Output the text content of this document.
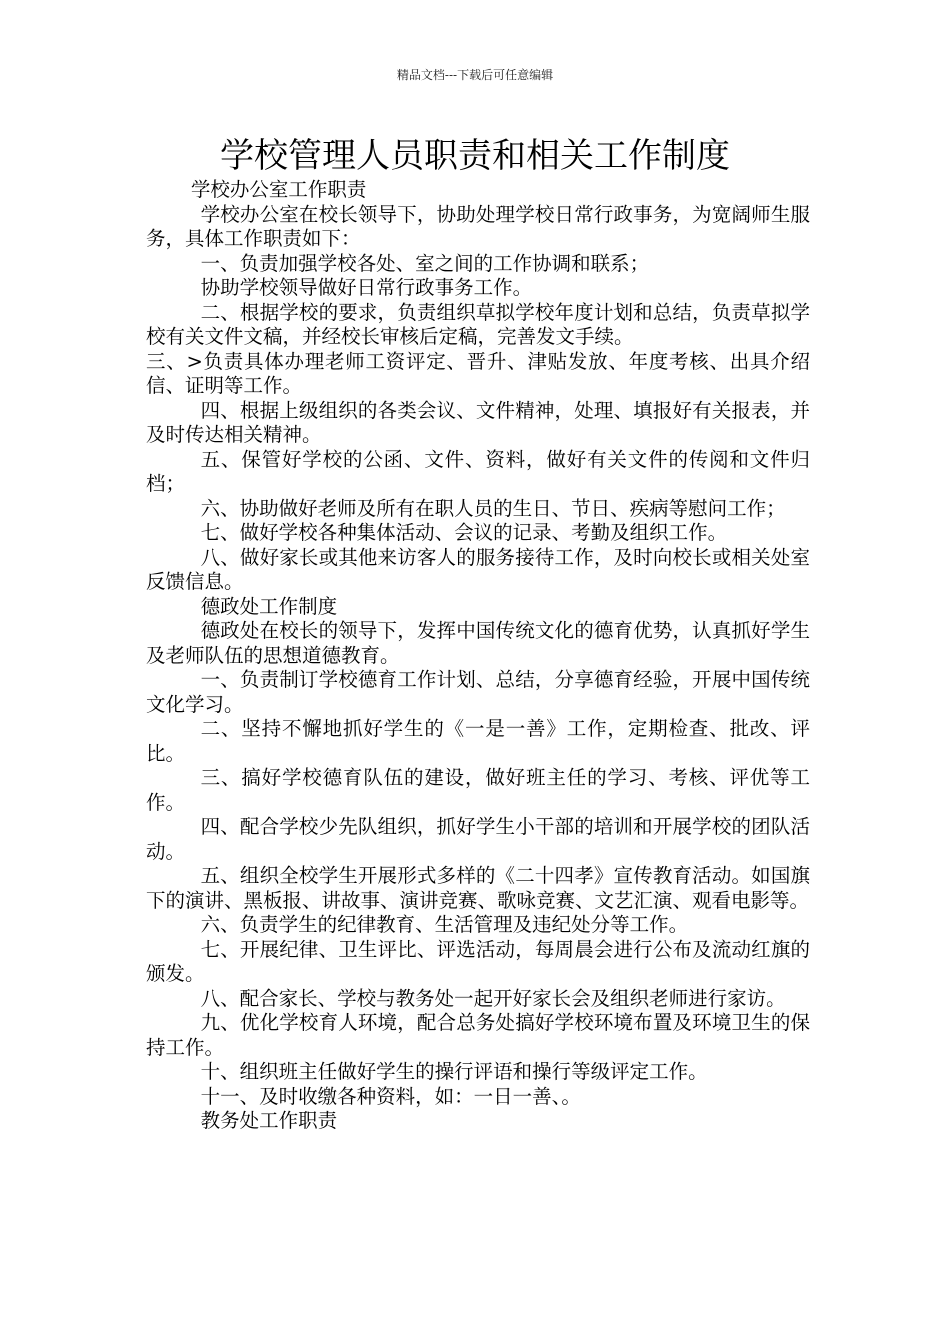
精品文档---下载后可任意编辑
学校管理人员职责和相关工作制度

学校办公室工作职责

学校办公室在校长领导下，协助处理学校日常行政事务，为宽阔师生服务，具体工作职责如下：

一、负责加强学校各处、室之间的工作协调和联系；

协助学校领导做好日常行政事务工作。

二、根据学校的要求，负责组织草拟学校年度计划和总结，负责草拟学校有关文件文稿，并经校长审核后定稿，完善发文手续。

三、>负责具体办理老师工资评定、晋升、津贴发放、年度考核、出具介绍信、证明等工作。

四、根据上级组织的各类会议、文件精神，处理、填报好有关报表，并及时传达相关精神。

五、保管好学校的公函、文件、资料，做好有关文件的传阅和文件归档；

六、协助做好老师及所有在职人员的生日、节日、疾病等慰问工作；

七、做好学校各种集体活动、会议的记录、考勤及组织工作。

八、做好家长或其他来访客人的服务接待工作，及时向校长或相关处室反馈信息。

德政处工作制度

德政处在校长的领导下，发挥中国传统文化的德育优势，认真抓好学生及老师队伍的思想道德教育。

一、负责制订学校德育工作计划、总结，分享德育经验，开展中国传统文化学习。

二、坚持不懈地抓好学生的《一是一善》工作，定期检查、批改、评比。

三、搞好学校德育队伍的建设，做好班主任的学习、考核、评优等工作。

四、配合学校少先队组织，抓好学生小干部的培训和开展学校的团队活动。

五、组织全校学生开展形式多样的《二十四孝》宣传教育活动。如国旗下的演讲、黑板报、讲故事、演讲竞赛、歌咏竞赛、文艺汇演、观看电影等。

六、负责学生的纪律教育、生活管理及违纪处分等工作。

七、开展纪律、卫生评比、评选活动，每周晨会进行公布及流动红旗的颁发。

八、配合家长、学校与教务处一起开好家长会及组织老师进行家访。

九、优化学校育人环境，配合总务处搞好学校环境布置及环境卫生的保持工作。

十、组织班主任做好学生的操行评语和操行等级评定工作。

十一、及时收缴各种资料，如：一日一善、。

教务处工作职责
